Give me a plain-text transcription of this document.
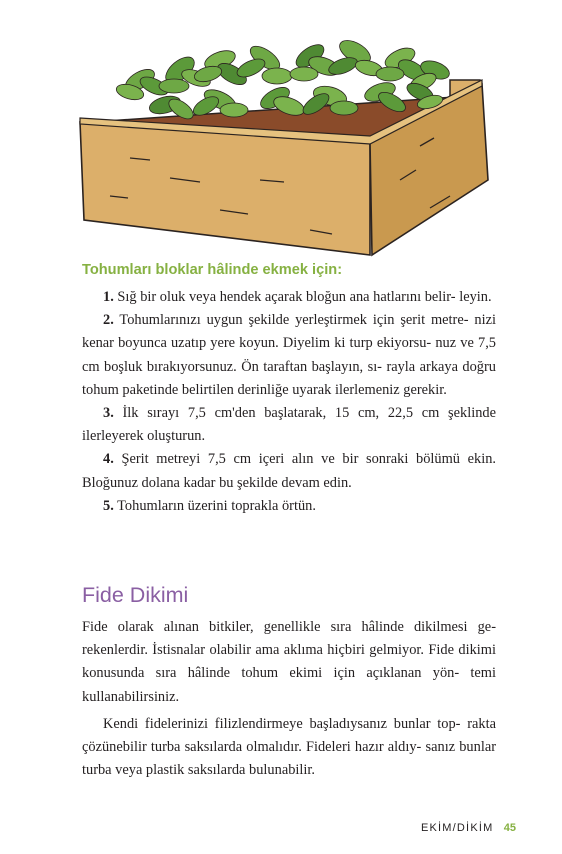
Tohumları bloklar hâlinde ekmek için:

1. Sığ bir oluk veya hendek açarak bloğun ana hatlarını belir- leyin.

2. Tohumlarınızı uygun şekilde yerleştirmek için şerit metre- nizi kenar boyunca uzatıp yere koyun. Diyelim ki turp ekiyorsu- nuz ve 7,5 cm boşluk bırakıyorsunuz. Ön taraftan başlayın, sı- rayla arkaya doğru tohum paketinde belirtilen derinliğe uyarak ilerlemeniz gerekir.

3. İlk sırayı 7,5 cm'den başlatarak, 15 cm, 22,5 cm şeklinde ilerleyerek oluşturun.

4. Şerit metreyi 7,5 cm içeri alın ve bir sonraki bölümü ekin. Bloğunuz dolana kadar bu şekilde devam edin.

5. Tohumların üzerini toprakla örtün.

Fide Dikimi

Fide olarak alınan bitkiler, genellikle sıra hâlinde dikilmesi ge- rekenlerdir. İstisnalar olabilir ama aklıma hiçbiri gelmiyor. Fide dikimi konusunda sıra hâlinde tohum ekimi için açıklanan yön- temi kullanabilirsiniz.

Kendi fidelerinizi filizlendirmeye başladıysanız bunlar top- rakta çözünebilir turba saksılarda olmalıdır. Fideleri hazır aldıy- sanız bunlar turba veya plastik saksılarda bulunabilir.

EKİM/DİKİM 45
